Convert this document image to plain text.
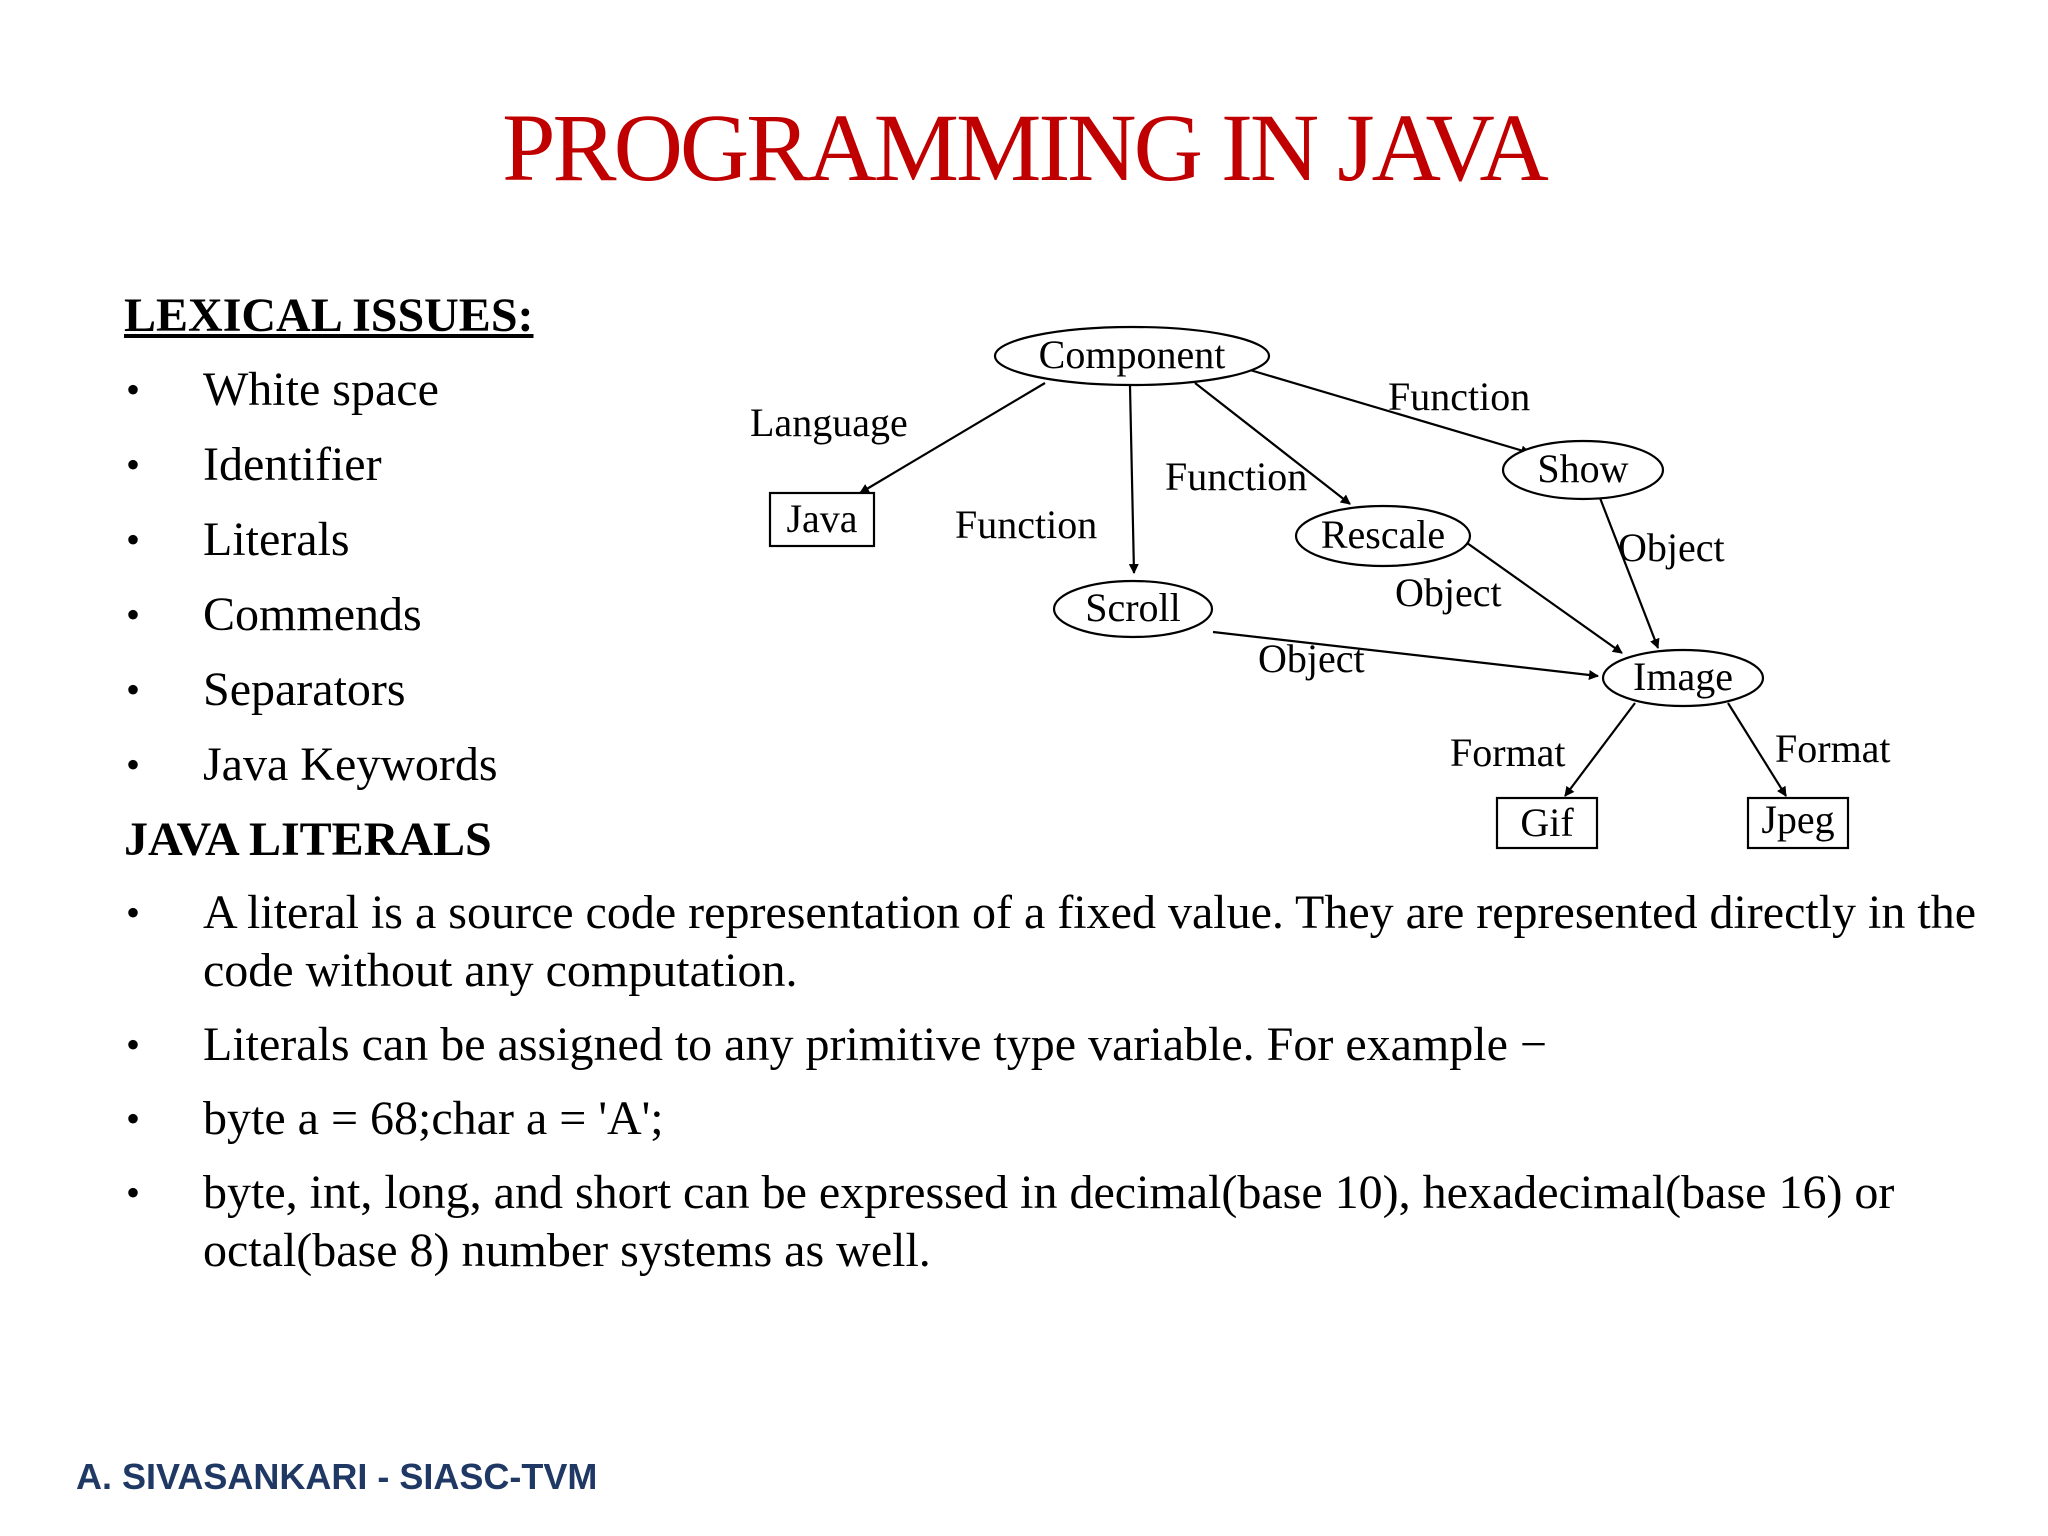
PROGRAMMING IN JAVA
LEXICAL ISSUES:
• White space
• Identifier
• Literals
• Commends
• Separators
• Java Keywords
JAVA LITERALS
• A literal is a source code representation of a fixed value. They are represented directly in the code without any computation.
• Literals can be assigned to any primitive type variable. For example −
• byte a = 68;char a = 'A';
• byte, int, long, and short can be expressed in decimal(base 10), hexadecimal(base 16) or octal(base 8) number systems as well.
Component
Java
Scroll
Rescale
Show
Image
Gif	Jpeg
Language
Function
Function
Function
Object
Object
Object
Format	Format
A. SIVASANKARI - SIASC-TVM
